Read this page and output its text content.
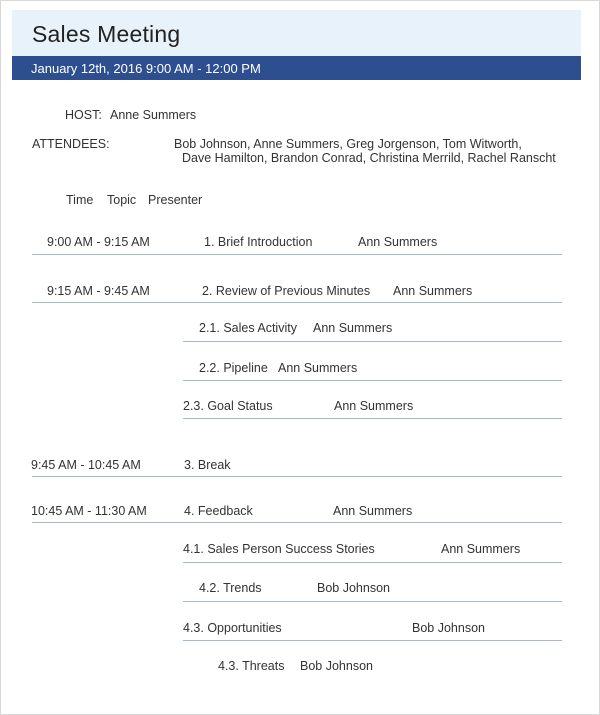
Sales Meeting
January 12th, 2016 9:00 AM - 12:00 PM
HOST: Anne Summers
ATTENDEES:	Bob Johnson, Anne Summers, Greg Jorgenson, Tom Witworth,
Dave Hamilton, Brandon Conrad, Christina Merrild, Rachel Ranscht
Time Topic Presenter
9:00 AM - 9:15 AM	1. Brief Introduction	Ann Summers
9:15 AM - 9:45 AM	2. Review of Previous Minutes Ann Summers
2.1. Sales Activity Ann Summers
2.2. Pipeline Ann Summers
2.3. Goal Status	Ann Summers
9:45 AM - 10:45 AM	3. Break
10:45 AM - 11:30 AM	4. Feedback	Ann Summers
4.1. Sales Person Success Stories	Ann Summers
4.2. Trends	Bob Johnson
4.3. Opportunities	Bob Johnson
4.3. Threats Bob Johnson
